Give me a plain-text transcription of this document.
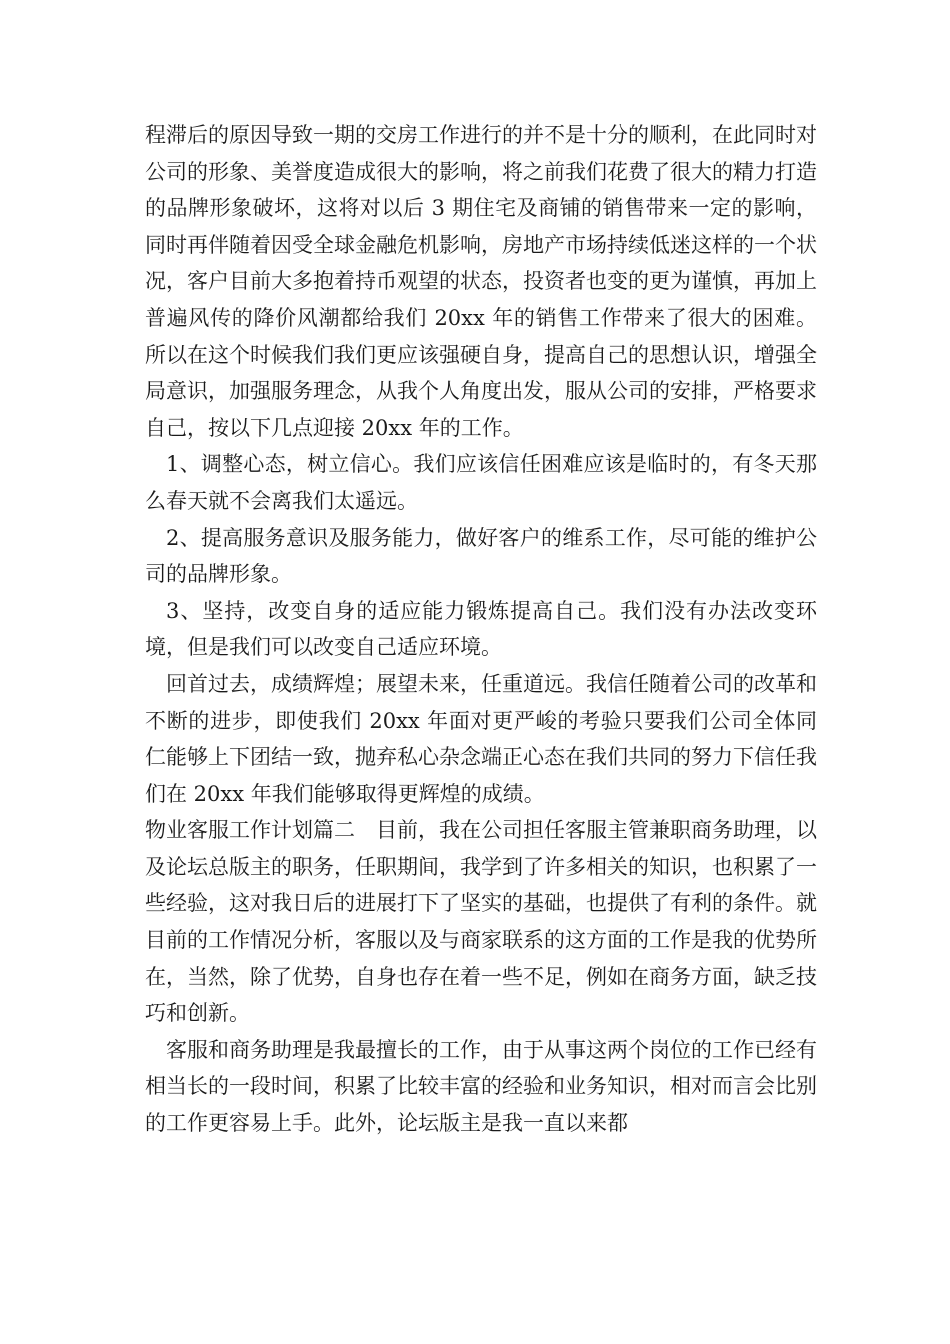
程滞后的原因导致一期的交房工作进行的并不是十分的顺利，在此同时对公司的形象、美誉度造成很大的影响，将之前我们花费了很大的精力打造的品牌形象破坏，这将对以后 3 期住宅及商铺的销售带来一定的影响，同时再伴随着因受全球金融危机影响，房地产市场持续低迷这样的一个状况，客户目前大多抱着持币观望的状态，投资者也变的更为谨慎，再加上普遍风传的降价风潮都给我们 20xx 年的销售工作带来了很大的困难。所以在这个时候我们我们更应该强硬自身，提高自己的思想认识，增强全局意识，加强服务理念，从我个人角度出发，服从公司的安排，严格要求自己，按以下几点迎接 20xx 年的工作。

1、调整心态，树立信心。我们应该信任困难应该是临时的，有冬天那么春天就不会离我们太遥远。

2、提高服务意识及服务能力，做好客户的维系工作，尽可能的维护公司的品牌形象。

3、坚持，改变自身的适应能力锻炼提高自己。我们没有办法改变环境，但是我们可以改变自己适应环境。

回首过去，成绩辉煌；展望未来，任重道远。我信任随着公司的改革和不断的进步，即使我们 20xx 年面对更严峻的考验只要我们公司全体同仁能够上下团结一致，抛弃私心杂念端正心态在我们共同的努力下信任我们在 20xx 年我们能够取得更辉煌的成绩。

物业客服工作计划篇二　目前，我在公司担任客服主管兼职商务助理，以及论坛总版主的职务，任职期间，我学到了许多相关的知识，也积累了一些经验，这对我日后的进展打下了坚实的基础，也提供了有利的条件。就目前的工作情况分析，客服以及与商家联系的这方面的工作是我的优势所在，当然，除了优势，自身也存在着一些不足，例如在商务方面，缺乏技巧和创新。

客服和商务助理是我最擅长的工作，由于从事这两个岗位的工作已经有相当长的一段时间，积累了比较丰富的经验和业务知识，相对而言会比别的工作更容易上手。此外，论坛版主是我一直以来都
